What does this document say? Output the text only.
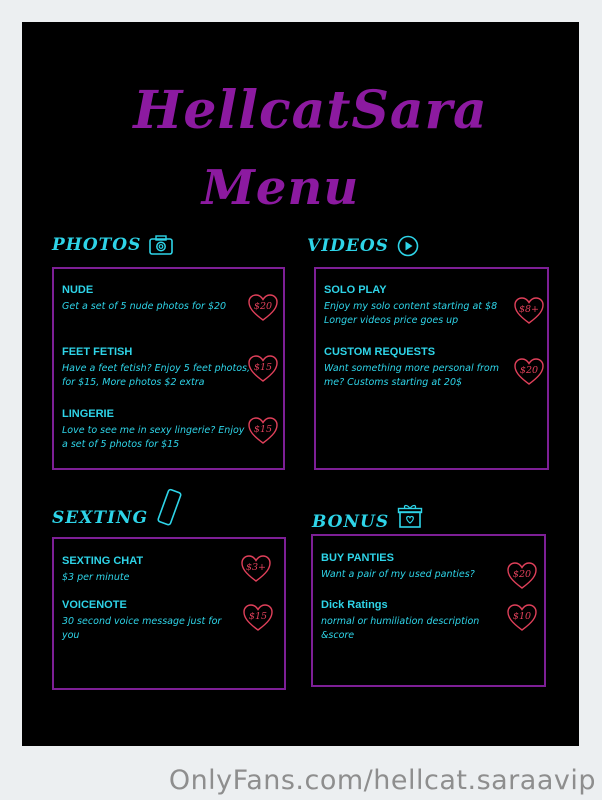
HellcatSara
Menu
PHOTOS
NUDE
Get a set of 5 nude photos for $20	$20
FEET FETISH
Have a feet fetish? Enjoy 5 feet photos, for $15, More photos $2 extra
$15
LINGERIE
Love to see me in sexy lingerie? Enjoy a set of 5 photos for $15
$15
VIDEOS
SOLO PLAY
Enjoy my solo content starting at $8 Longer videos price goes up
$8+
CUSTOM REQUESTS
Want something more personal from me? Customs starting at 20$
$20
SEXTING
SEXTING CHAT
$3 per minute
$3+
VOICENOTE
30 second voice message just for you
$15
BONUS
BUY PANTIES
Want a pair of my used panties?	$20
Dick Ratings
normal or humiliation description &score
$10
OnlyFans.com/hellcat.saraavip
